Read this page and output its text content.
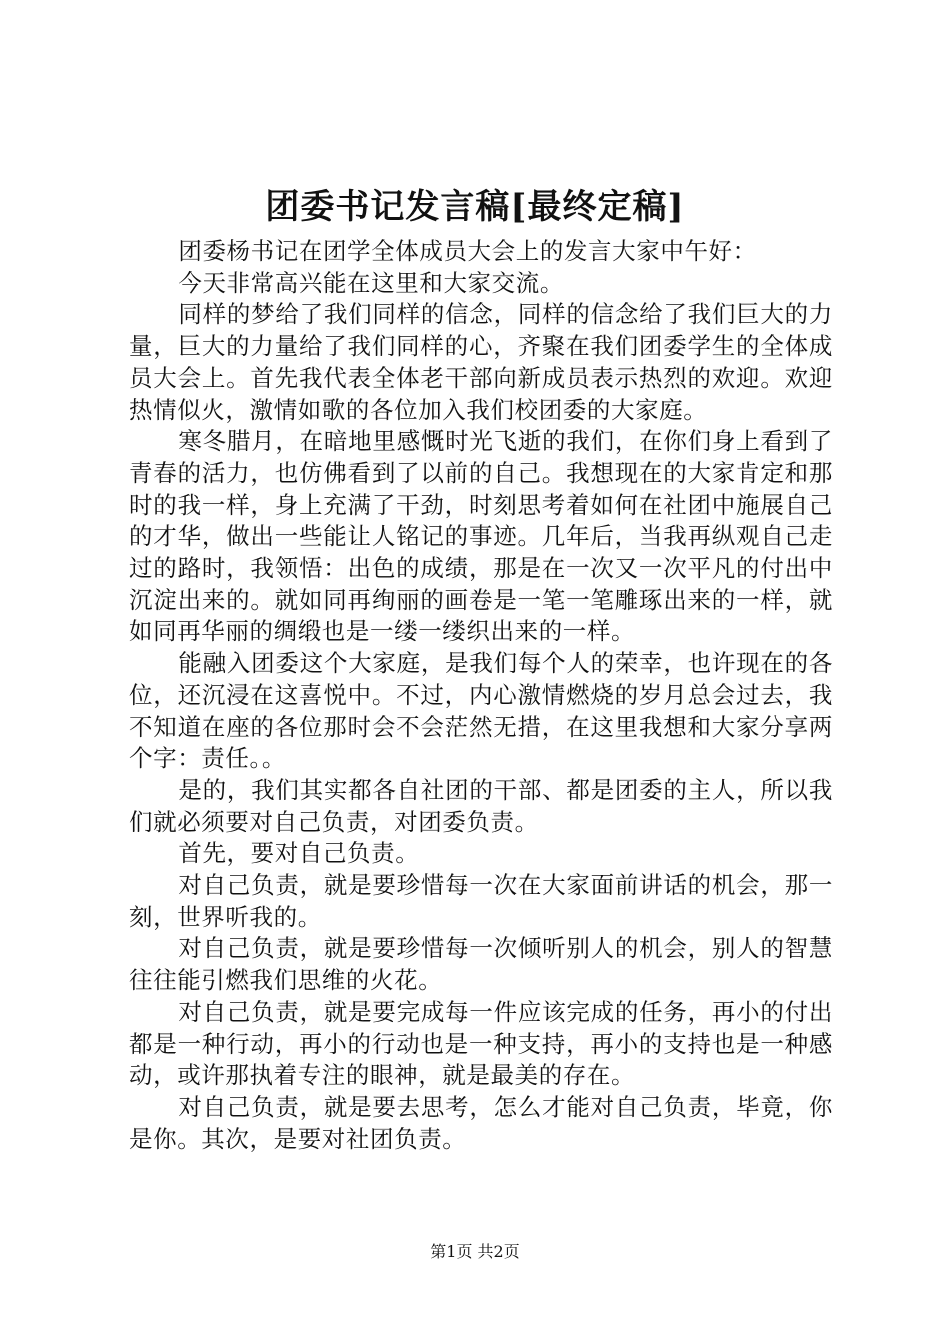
团委书记发言稿[最终定稿]

团委杨书记在团学全体成员大会上的发言大家中午好：

今天非常高兴能在这里和大家交流。

同样的梦给了我们同样的信念，同样的信念给了我们巨大的力量，巨大的力量给了我们同样的心，齐聚在我们团委学生的全体成员大会上。首先我代表全体老干部向新成员表示热烈的欢迎。欢迎热情似火，激情如歌的各位加入我们校团委的大家庭。

寒冬腊月，在暗地里感慨时光飞逝的我们，在你们身上看到了青春的活力，也仿佛看到了以前的自己。我想现在的大家肯定和那时的我一样，身上充满了干劲，时刻思考着如何在社团中施展自己的才华，做出一些能让人铭记的事迹。几年后，当我再纵观自己走过的路时，我领悟：出色的成绩，那是在一次又一次平凡的付出中沉淀出来的。就如同再绚丽的画卷是一笔一笔雕琢出来的一样，就如同再华丽的绸缎也是一缕一缕织出来的一样。

能融入团委这个大家庭，是我们每个人的荣幸，也许现在的各位，还沉浸在这喜悦中。不过，内心激情燃烧的岁月总会过去，我不知道在座的各位那时会不会茫然无措，在这里我想和大家分享两个字：责任。。

是的，我们其实都各自社团的干部、都是团委的主人，所以我们就必须要对自己负责，对团委负责。

首先，要对自己负责。

对自己负责，就是要珍惜每一次在大家面前讲话的机会，那一刻，世界听我的。

对自己负责，就是要珍惜每一次倾听别人的机会，别人的智慧往往能引燃我们思维的火花。

对自己负责，就是要完成每一件应该完成的任务，再小的付出都是一种行动，再小的行动也是一种支持，再小的支持也是一种感动，或许那执着专注的眼神，就是最美的存在。

对自己负责，就是要去思考，怎么才能对自己负责，毕竟，你是你。其次，是要对社团负责。

第1页 共2页
